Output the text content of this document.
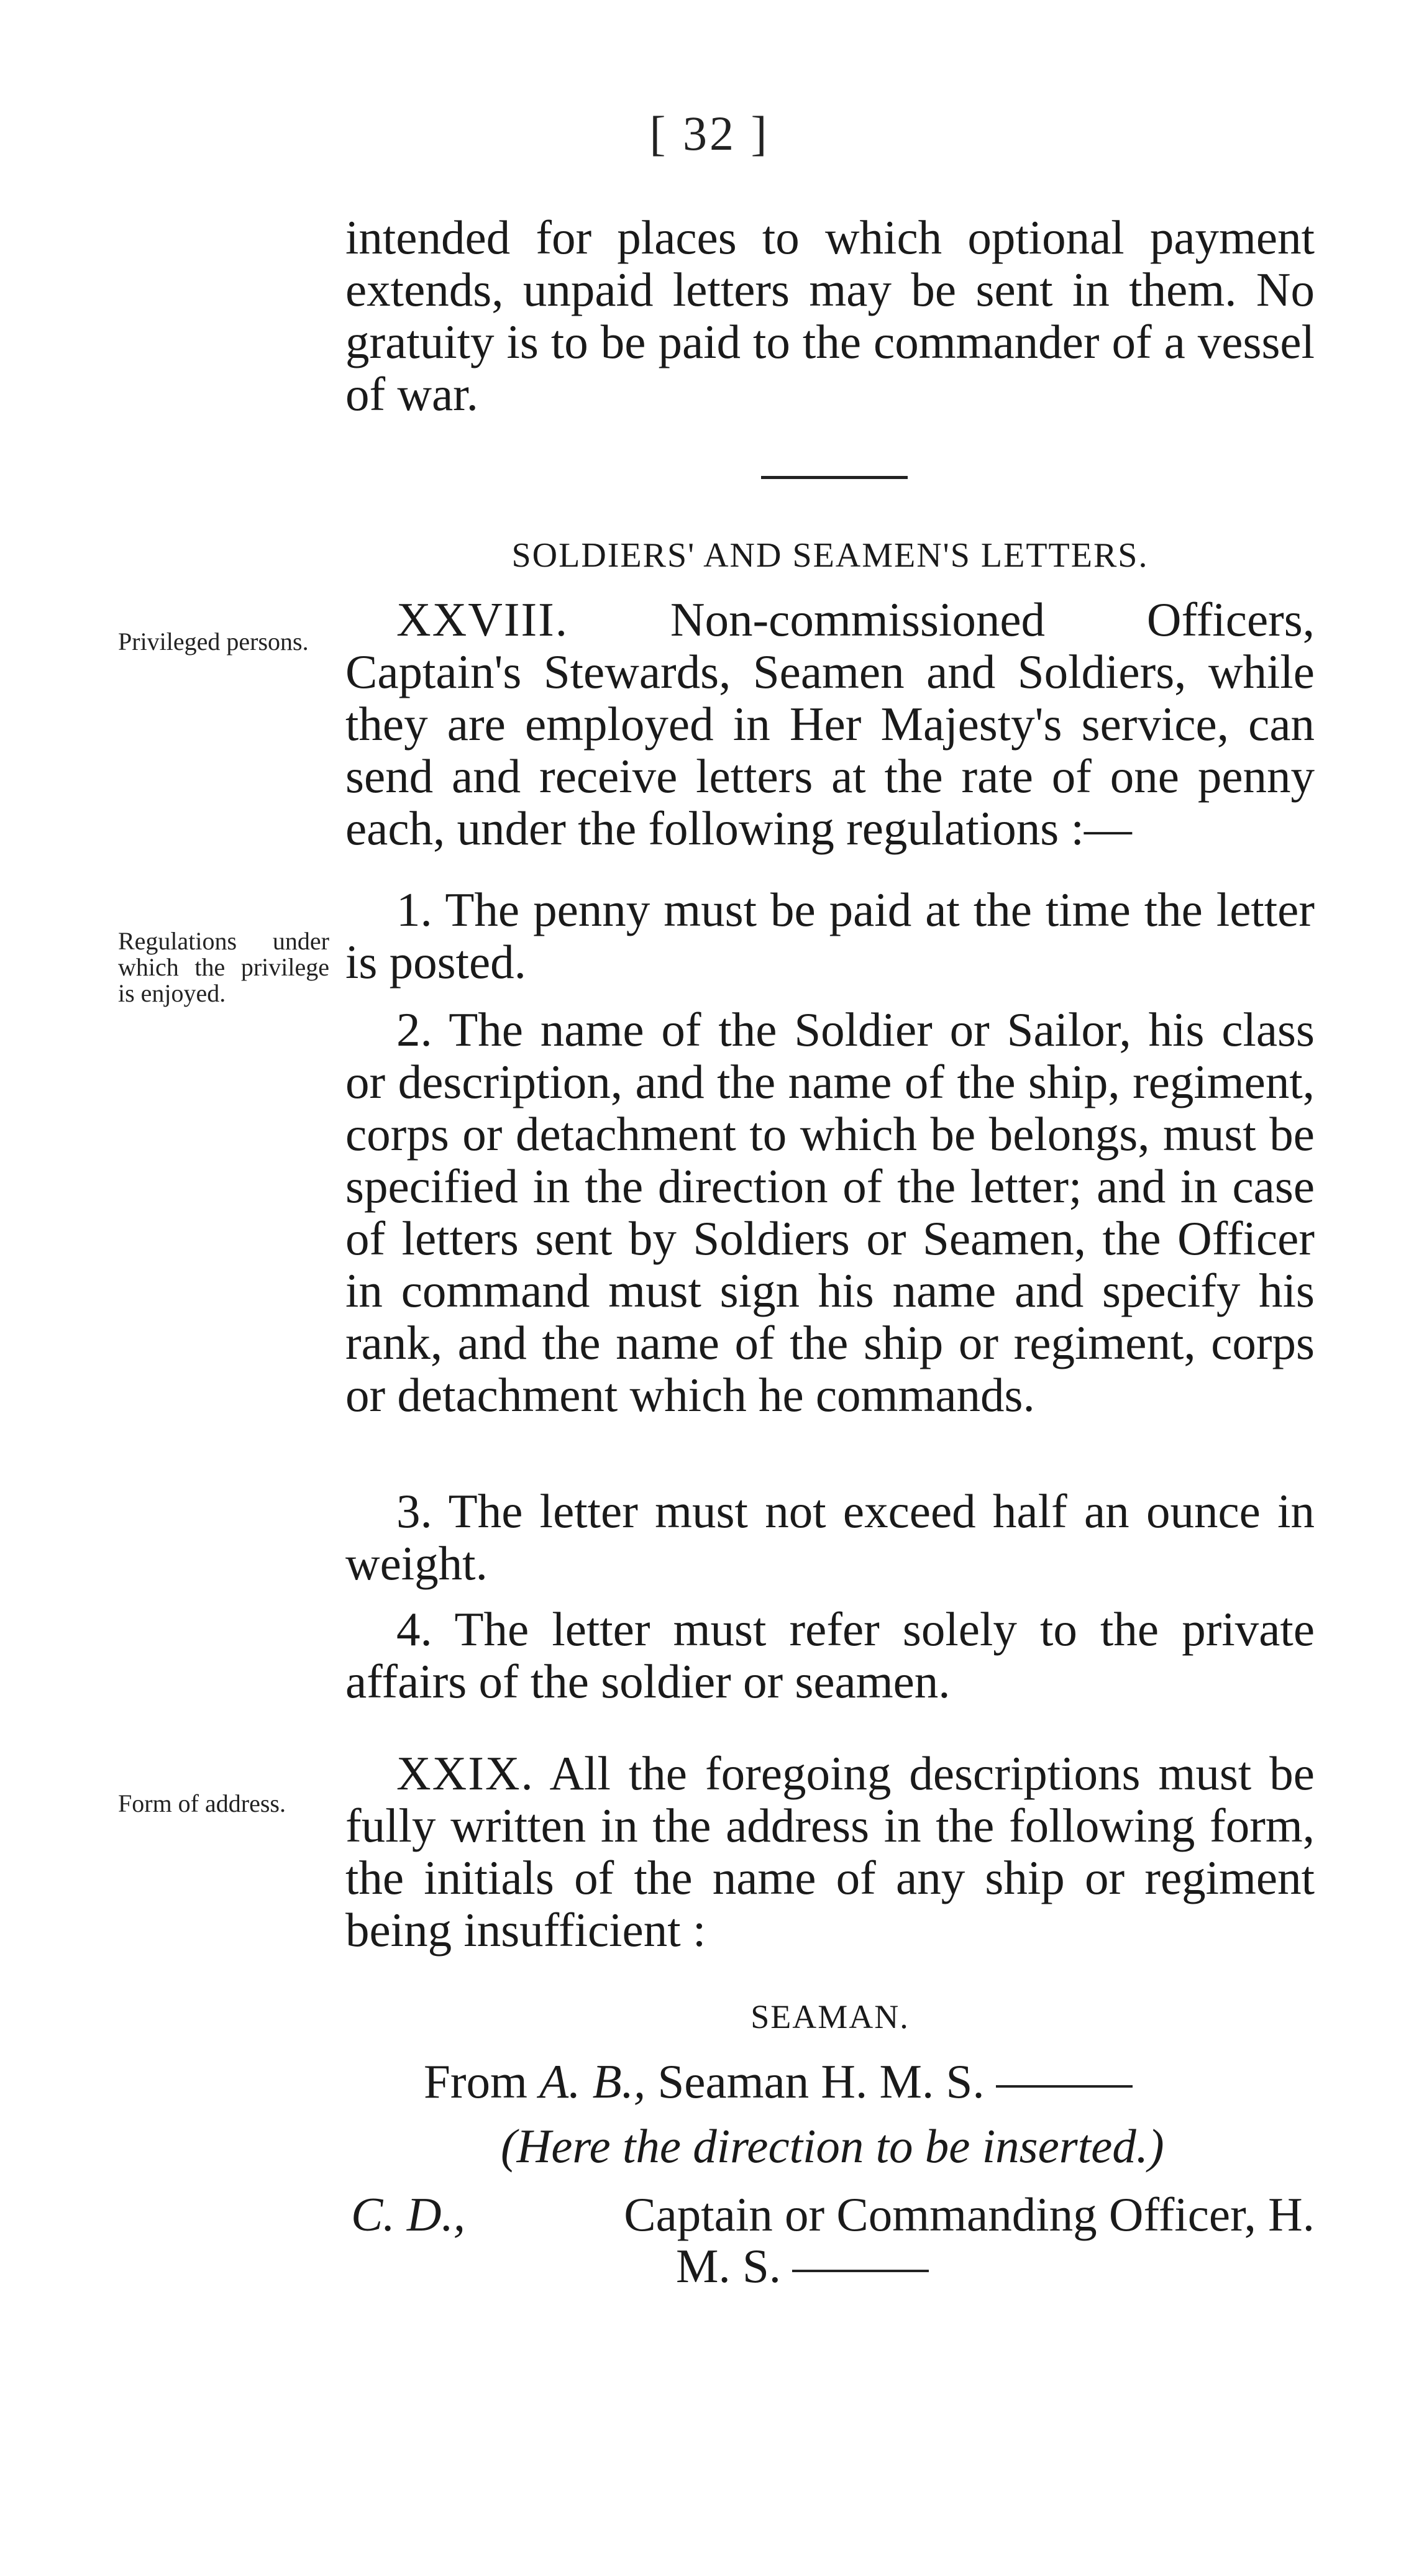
[ 32 ]

intended for places to which optional payment extends, unpaid letters may be sent in them. No gratuity is to be paid to the commander of a vessel of war.

SOLDIERS' AND SEAMEN'S LETTERS.
Privileged persons.	XXVIII. Non-commissioned Officers, Captain's Stewards, Seamen and Soldiers, while they are employed in Her Majesty's service, can send and receive letters at the rate of one penny each, under the following regulations :—

Regulations under which the privilege is enjoyed.

1. The penny must be paid at the time the letter is posted.

2. The name of the Soldier or Sailor, his class or description, and the name of the ship, regiment, corps or detachment to which be belongs, must be specified in the direction of the letter; and in case of letters sent by Soldiers or Seamen, the Officer in command must sign his name and specify his rank, and the name of the ship or regiment, corps or detachment which he commands.

3. The letter must not exceed half an ounce in weight.

4. The letter must refer solely to the private affairs of the soldier or seamen.

Form of address.

XXIX. All the foregoing descriptions must be fully written in the address in the following form, the initials of the name of any ship or regiment being insufficient :

SEAMAN.
From A. B., Seaman H. M. S.
(Here the direction to be inserted.)
C. D.,	Captain or Commanding Officer, H.
M. S.
